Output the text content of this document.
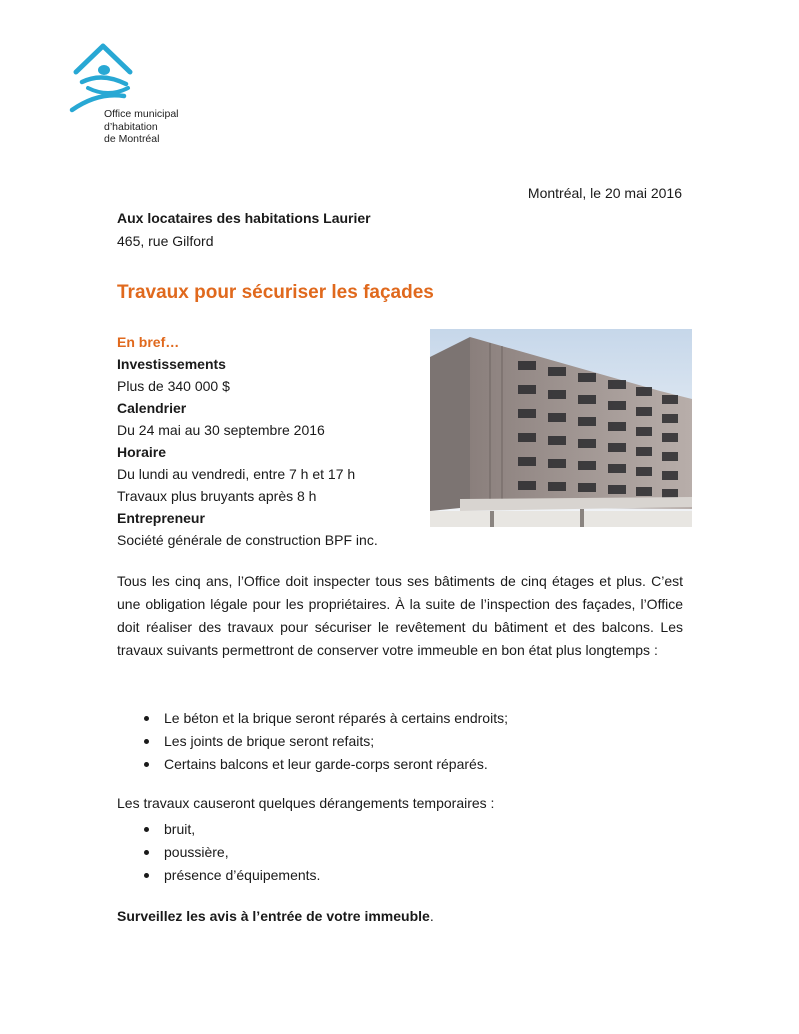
Office municipal
d’habitation
de Montréal
Montréal, le 20 mai 2016
Aux locataires des habitations Laurier
465, rue Gilford
Travaux pour sécuriser les façades
En bref…
Investissements
Plus de 340 000 $
Calendrier
Du 24 mai au 30 septembre 2016
Horaire
Du lundi au vendredi, entre 7 h et 17 h
Travaux plus bruyants après 8 h
Entrepreneur
Société générale de construction BPF inc.
Tous les cinq ans, l’Office doit inspecter tous ses bâtiments de cinq étages et plus. C’est une obligation légale pour les propriétaires. À la suite de l’inspection des façades, l’Office doit réaliser des travaux pour sécuriser le revêtement du bâtiment et des balcons. Les travaux suivants permettront de conserver votre immeuble en bon état plus longtemps :
Le béton et la brique seront réparés à certains endroits;
Les joints de brique seront refaits;
Certains balcons et leur garde-corps seront réparés.
Les travaux causeront quelques dérangements temporaires :
bruit,
poussière,
présence d’équipements.
Surveillez les avis à l’entrée de votre immeuble.
